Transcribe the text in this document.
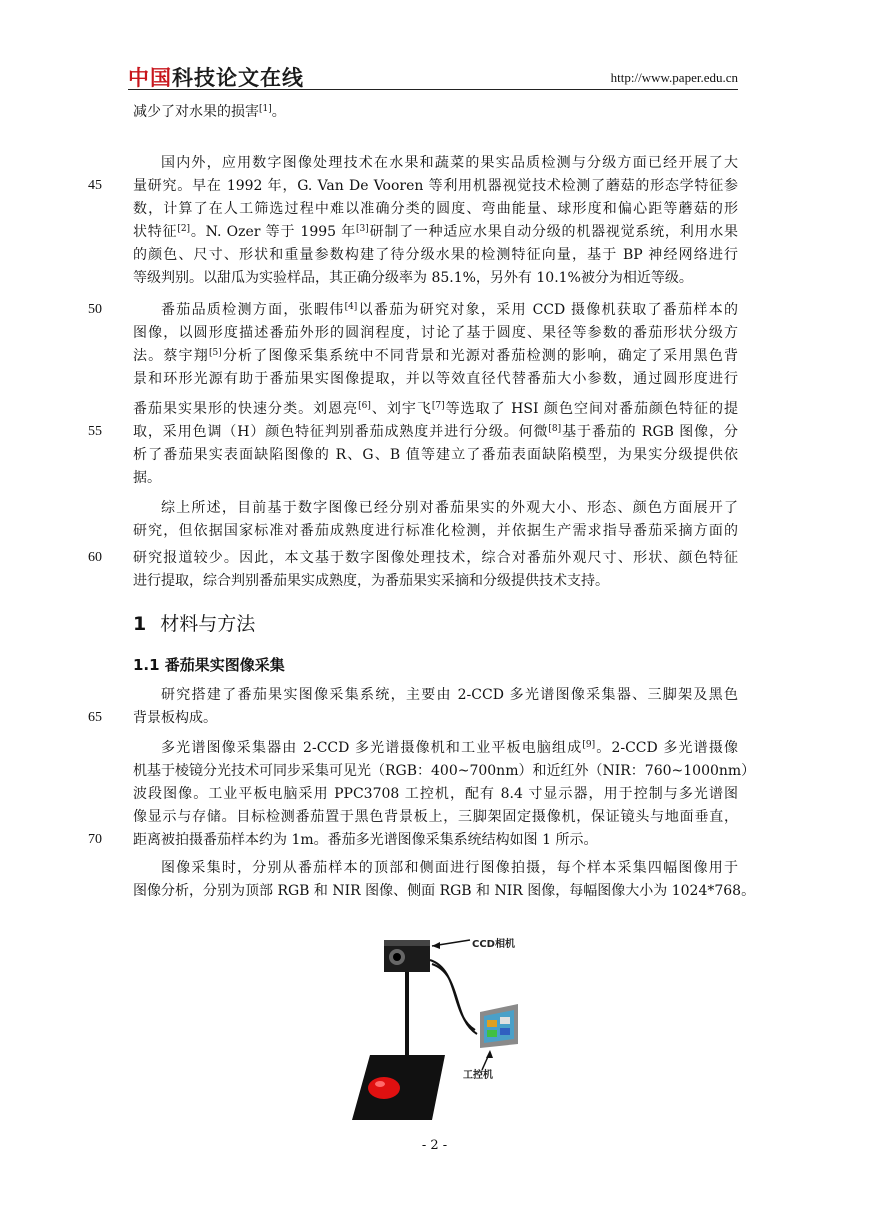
中国科技论文在线	http://www.paper.edu.cn
减少了对水果的损害[1]。
国内外，应用数字图像处理技术在水果和蔬菜的果实品质检测与分级方面已经开展了大
量研究。早在 1992 年，G. Van De Vooren 等利用机器视觉技术检测了蘑菇的形态学特征参
数，计算了在人工筛选过程中难以准确分类的圆度、弯曲能量、球形度和偏心距等蘑菇的形
状特征[2]。N. Ozer 等于 1995 年[3]研制了一种适应水果自动分级的机器视觉系统，利用水果
的颜色、尺寸、形状和重量参数构建了待分级水果的检测特征向量，基于 BP 神经网络进行
等级判别。以甜瓜为实验样品，其正确分级率为 85.1%，另外有 10.1%被分为相近等级。
番茄品质检测方面，张暇伟[4]以番茄为研究对象，采用 CCD 摄像机获取了番茄样本的
图像，以圆形度描述番茄外形的圆润程度，讨论了基于圆度、果径等参数的番茄形状分级方
法。蔡宇翔[5]分析了图像采集系统中不同背景和光源对番茄检测的影响，确定了采用黑色背
景和环形光源有助于番茄果实图像提取，并以等效直径代替番茄大小参数，通过圆形度进行
番茄果实果形的快速分类。刘恩亮[6]、刘宇飞[7]等选取了 HSI 颜色空间对番茄颜色特征的提
取，采用色调（H）颜色特征判别番茄成熟度并进行分级。何微[8]基于番茄的 RGB 图像，分
析了番茄果实表面缺陷图像的 R、G、B 值等建立了番茄表面缺陷模型，为果实分级提供依
据。
综上所述，目前基于数字图像已经分别对番茄果实的外观大小、形态、颜色方面展开了
研究，但依据国家标准对番茄成熟度进行标准化检测，并依据生产需求指导番茄采摘方面的
研究报道较少。因此，本文基于数字图像处理技术，综合对番茄外观尺寸、形状、颜色特征
进行提取，综合判别番茄果实成熟度，为番茄果实采摘和分级提供技术支持。
1 材料与方法
1.1 番茄果实图像采集
研究搭建了番茄果实图像采集系统，主要由 2-CCD 多光谱图像采集器、三脚架及黑色
背景板构成。
多光谱图像采集器由 2-CCD 多光谱摄像机和工业平板电脑组成[9]。2-CCD 多光谱摄像
机基于棱镜分光技术可同步采集可见光（RGB：400~700nm）和近红外（NIR：760~1000nm）
波段图像。工业平板电脑采用 PPC3708 工控机，配有 8.4 寸显示器，用于控制与多光谱图
像显示与存储。目标检测番茄置于黑色背景板上，三脚架固定摄像机，保证镜头与地面垂直，
距离被拍摄番茄样本约为 1m。番茄多光谱图像采集系统结构如图 1 所示。
图像采集时，分别从番茄样本的顶部和侧面进行图像拍摄，每个样本采集四幅图像用于
图像分析，分别为顶部 RGB 和 NIR 图像、侧面 RGB 和 NIR 图像，每幅图像大小为 1024*768。
45
50
55
60
65
70
CCD相机
工控机
- 2 -
